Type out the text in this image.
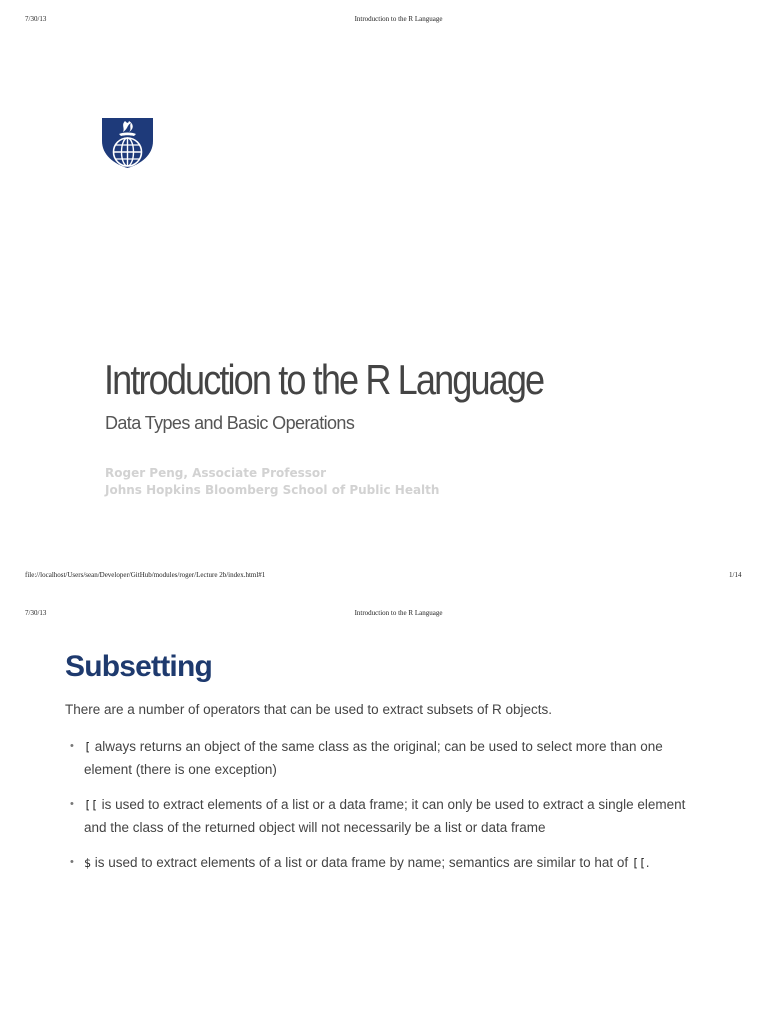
7/30/13	Introduction to the R Language
Introduction to the R Language
Data Types and Basic Operations
Roger Peng, Associate Professor
Johns Hopkins Bloomberg School of Public Health
file://localhost/Users/sean/Developer/GitHub/modules/roger/Lecture 2b/index.html#1	1/14
7/30/13	Introduction to the R Language
Subsetting
There are a number of operators that can be used to extract subsets of R objects.
• [ always returns an object of the same class as the original; can be used to select more than one element (there is one exception)
• [[ is used to extract elements of a list or a data frame; it can only be used to extract a single element and the class of the returned object will not necessarily be a list or data frame
• $ is used to extract elements of a list or data frame by name; semantics are similar to hat of [[.
